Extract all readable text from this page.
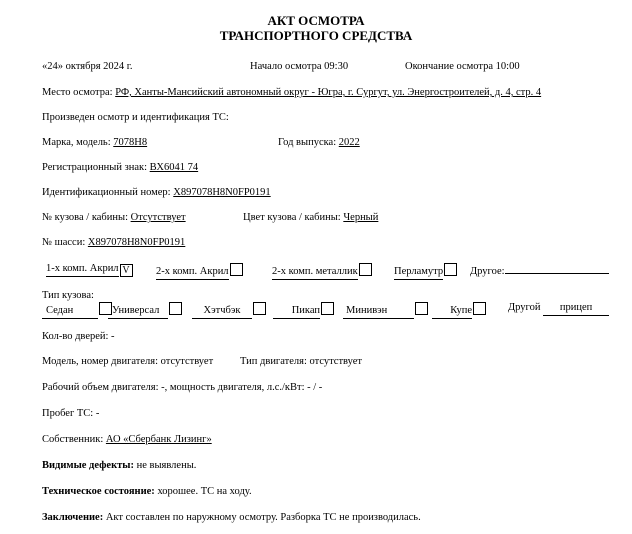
АКТ ОСМОТРА
ТРАНСПОРТНОГО СРЕДСТВА
«24» октября 2024 г.	Начало осмотра 09:30	Окончание осмотра 10:00
Место осмотра: РФ, Ханты-Мансийский автономный округ - Югра, г. Сургут, ул. Энергостроителей, д. 4, стр. 4
Произведен осмотр и идентификация ТС:
Марка, модель: 7078H8	Год выпуска: 2022
Регистрационный знак: ВХ6041 74
Идентификационный номер: X897078H8N0FP0191
№ кузова / кабины: Отсутствует	Цвет кузова / кабины: Черный
№ шасси: X897078H8N0FP0191
1-х комп. Акрил V	2-х комп. Акрил	2-х комп. металлик	Перламутр	Другое:
Тип кузова:
Седан	Универсал	Хэтчбэк	Пикап	Минивэн	Купе	Другой прицеп
Кол-во дверей: -
Модель, номер двигателя: отсутствует	Тип двигателя: отсутствует
Рабочий объем двигателя: -, мощность двигателя, л.с./кВт: - / -
Пробег ТС: -
Собственник: АО «Сбербанк Лизинг»
Видимые дефекты: не выявлены.
Техническое состояние: хорошее. ТС на ходу.
Заключение: Акт составлен по наружному осмотру. Разборка ТС не производилась.
